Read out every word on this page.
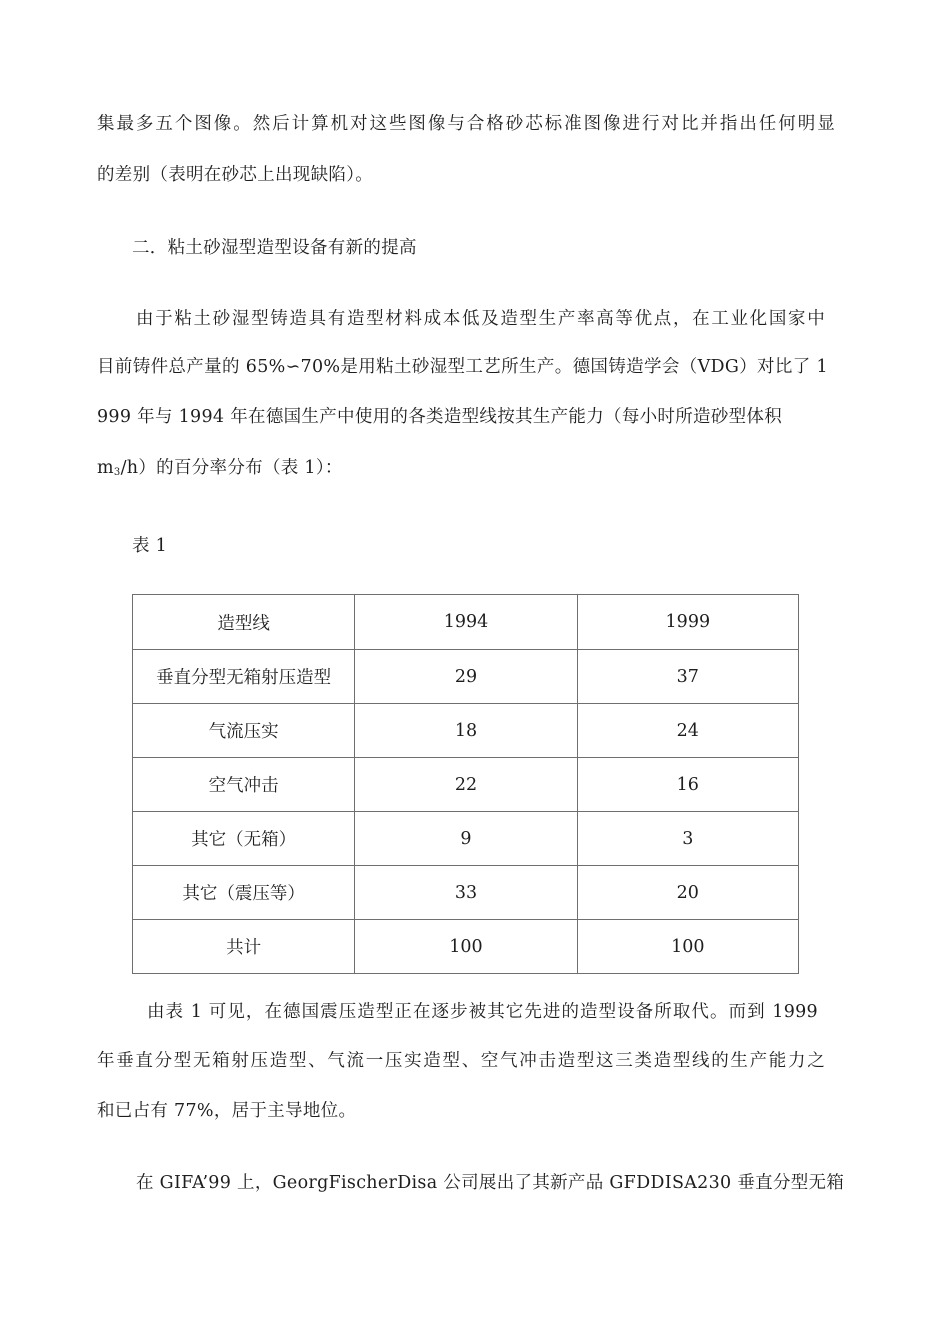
集最多五个图像。然后计算机对这些图像与合格砂芯标准图像进行对比并指出任何明显
的差别（表明在砂芯上出现缺陷）。
二．粘土砂湿型造型设备有新的提高
由于粘土砂湿型铸造具有造型材料成本低及造型生产率高等优点，在工业化国家中
目前铸件总产量的 65%∽70%是用粘土砂湿型工艺所生产。德国铸造学会（VDG）对比了 1
999 年与 1994 年在德国生产中使用的各类造型线按其生产能力（每小时所造砂型体积
m3/h）的百分率分布（表 1）：
表 1
造型线	1994	1999
垂直分型无箱射压造型	29	37
气流压实	18	24
空气冲击	22	16
其它（无箱）	9	3
其它（震压等）	33	20
共计	100	100
由表 1 可见，在德国震压造型正在逐步被其它先进的造型设备所取代。而到 1999
年垂直分型无箱射压造型、气流一压实造型、空气冲击造型这三类造型线的生产能力之
和已占有 77%，居于主导地位。
在 GIFA’99 上，GeorgFischerDisa 公司展出了其新产品 GFDDISA230 垂直分型无箱
